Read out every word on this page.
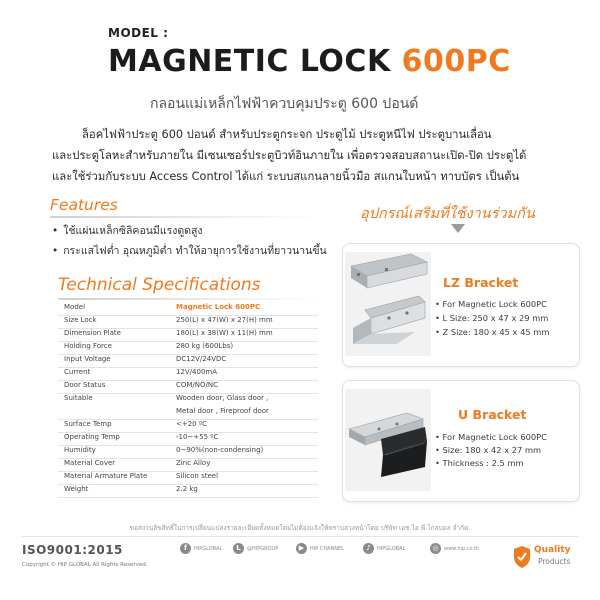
MODEL :
MAGNETIC LOCK 600PC
กลอนแม่เหล็กไฟฟ้าควบคุมประตู 600 ปอนด์
ล็อคไฟฟ้าประตู 600 ปอนด์ สำหรับประตูกระจก ประตูไม้ ประตูหนีไฟ ประตูบานเลื่อน
และประตูโลหะสำหรับภายใน มีเซนเซอร์ประตูบิวท์อินภายใน เพื่อตรวจสอบสถานะเปิด-ปิด ประตูได้
และใช้ร่วมกับระบบ Access Control ได้แก่ ระบบสแกนลายนิ้วมือ สแกนใบหน้า ทาบบัตร เป็นต้น
Features
• ใช้แผ่นเหล็กซิลิคอนมีแรงดูดสูง
• กระแสไฟต่ำ อุณหภูมิต่ำ ทำให้อายุการใช้งานที่ยาวนานขึ้น
อุปกรณ์เสริมที่ใช้งานร่วมกัน
Technical Specifications
Model	Magnetic Lock 600PC
Size Lock	250(L) x 47(W) x 27(H) mm
Dimension Plate	180(L) x 38(W) x 11(H) mm
Holding Force	280 kg (600Lbs)
Input Voltage	DC12V/24VDC
Current	12V/400mA
Door Status	COM/NO/NC
Suitable	Wooden door, Glass door ,
Metal door , Fireproof door
Surface Temp	<+20 ºC
Operating Temp	-10~+55 ºC
Humidity	0~90%(non-condensing)
Material Cover	Zinc Alloy
Material Armature Plate	Silicon steel
Weight	2.2 kg
LZ Bracket
• For Magnetic Lock 600PC
• L Size: 250 x 47 x 29 mm
• Z Size: 180 x 45 x 45 mm
U Bracket
• For Magnetic Lock 600PC
• Size: 180 x 42 x 27 mm
• Thickness : 2.5 mm
ขอสงวนลิขสิทธิ์ในการเปลี่ยนแปลงรายละเอียดทั้งหมดโดยไม่ต้องแจ้งให้ทราบล่วงหน้าโดย บริษัท เอช ไอ พี โกลบอล จำกัด.
ISO9001:2015
Copyright © HIP GLOBAL All Rights Reserved.
f HIPGLOBAL	L @HIPGROUP	▶ HIP CHANNEL	♪ HIPGLOBAL	◎ www.hip.co.th	Quality
Products
